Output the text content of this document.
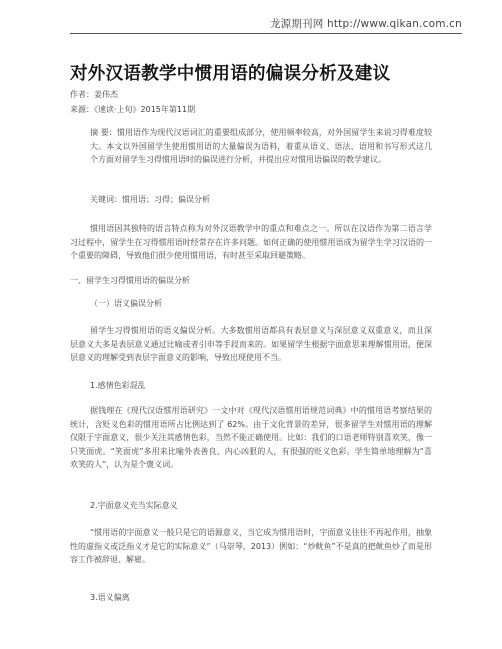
龙源期刊网 http://www.qikan.com.cn
对外汉语教学中惯用语的偏误分析及建议
作者：姜伟杰
来源：《速读·上旬》2015年第11期
摘 要：惯用语作为现代汉语词汇的重要组成部分，使用频率较高，对外国留学生来说习得难度较大。本文以外国留学生使用惯用语的大量偏误为语料，着重从语义、语法、语用和书写形式这几个方面对留学生习得惯用语时的偏误进行分析，并提出应对惯用语偏误的教学建议。
关键词：惯用语；习得；偏误分析
惯用语因其独特的语言特点称为对外汉语教学中的重点和难点之一。所以在汉语作为第二语言学习过程中，留学生在习得惯用语时经常存在许多问题。如何正确的使用惯用语成为留学生学习汉语的一个重要的障碍，导致他们很少使用惯用语，有时甚至采取回避策略。
一、留学生习得惯用语的偏误分析
（一）语义偏误分析
留学生习得惯用语的语义偏误分析。大多数惯用语都具有表层意义与深层意义双重意义，而且深层意义大多是表层意义通过比喻或者引申等手段而来的。如果留学生根据字面意思来理解惯用语，便深层意义的理解受到表层字面意义的影响，导致出现使用不当。
1.感情色彩混乱
据钱理在《现代汉语惯用语研究》一文中对《现代汉语惯用语规范词典》中的惯用语考察结果的统计，含贬义色彩的惯用语所占比例达到了 62%。由于文化背景的差异，很多留学生对惯用语的理解仅限于字面意义，很少关注其感情色彩，当然不能正确使用。比如：我们的口语老师特别喜欢笑，像一只笑面虎。“笑面虎”多用来比喻外表善良、内心凶狠的人，有很强的贬义色彩。学生简单地理解为“喜欢笑的人”，认为是个褒义词。
2.字面意义充当实际意义
“惯用语的字面意义一般只是它的语源意义，当它成为惯用语时，字面意义往往不再起作用，抽象性的虚指义或泛指义才是它的实际意义”（马崇琴，2013）例如：“炒鱿鱼”不是真的把鱿鱼炒了而是形容工作被辞退、解雇。
3.语义偏离
